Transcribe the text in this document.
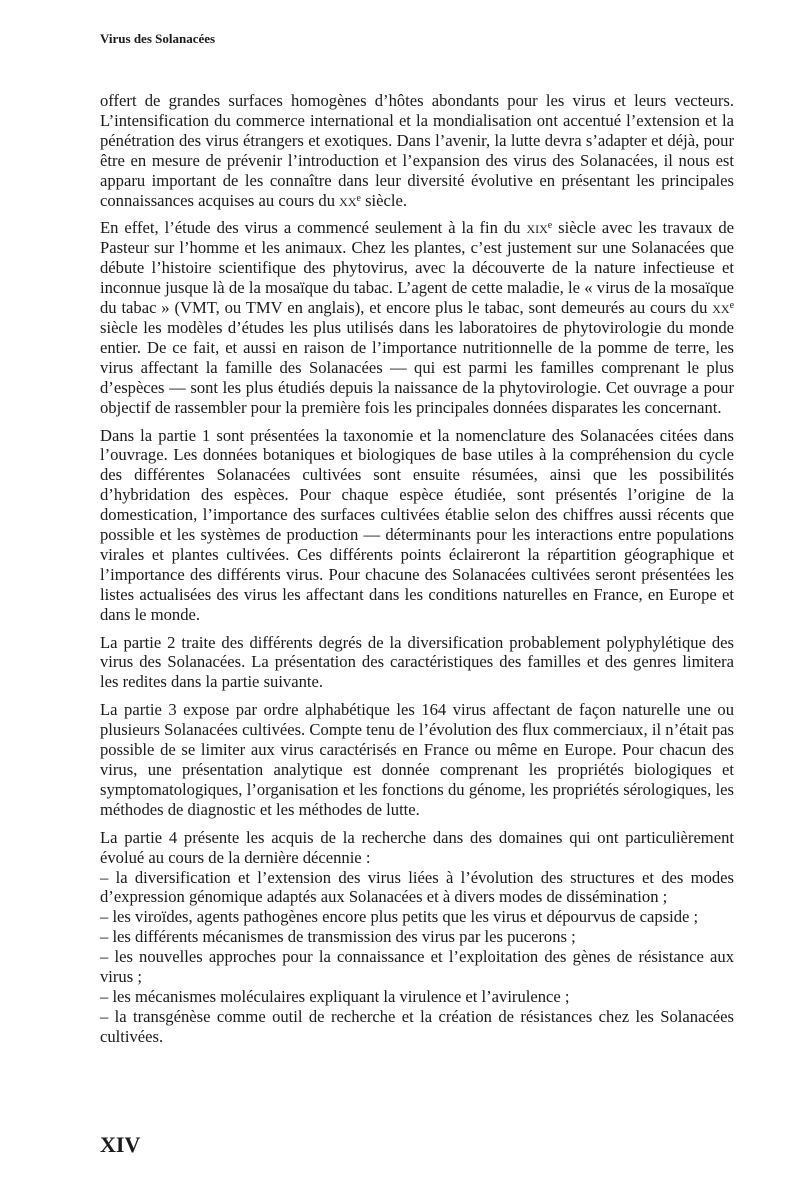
Virus des Solanacées

offert de grandes surfaces homogènes d’hôtes abondants pour les virus et leurs vecteurs. L’intensification du commerce international et la mondialisation ont accentué l’extension et la pénétration des virus étrangers et exotiques. Dans l’avenir, la lutte devra s’adapter et déjà, pour être en mesure de prévenir l’introduction et l’expansion des virus des Solanacées, il nous est apparu important de les connaître dans leur diversité évolutive en présentant les principales connaissances acquises au cours du $xx^e$ siècle.

En effet, l’étude des virus a commencé seulement à la fin du xix$^e$ siècle avec les travaux de Pasteur sur l’homme et les animaux. Chez les plantes, c’est justement sur une Solanacées que débute l’histoire scientifique des phytovirus, avec la découverte de la nature infectieuse et inconnue jusque là de la mosaïque du tabac. L’agent de cette maladie, le « virus de la mosaïque du tabac » (VMT, ou TMV en anglais), et encore plus le tabac, sont demeurés au cours du $xx^e$ siècle les modèles d’études les plus utilisés dans les laboratoires de phytovirologie du monde entier. De ce fait, et aussi en raison de l’importance nutritionnelle de la pomme de terre, les virus affectant la famille des Solanacées — qui est parmi les familles comprenant le plus d’espèces — sont les plus étudiés depuis la naissance de la phytovirologie. Cet ouvrage a pour objectif de rassembler pour la première fois les principales données disparates les concernant.

Dans la partie 1 sont présentées la taxonomie et la nomenclature des Solanacées citées dans l’ouvrage. Les données botaniques et biologiques de base utiles à la compréhension du cycle des différentes Solanacées cultivées sont ensuite résumées, ainsi que les possibilités d’hybridation des espèces. Pour chaque espèce étudiée, sont présentés l’origine de la domestication, l’importance des surfaces cultivées établie selon des chiffres aussi récents que possible et les systèmes de production — déterminants pour les interactions entre populations virales et plantes cultivées. Ces différents points éclaireront la répartition géographique et l’importance des différents virus. Pour chacune des Solanacées cultivées seront présentées les listes actualisées des virus les affectant dans les conditions naturelles en France, en Europe et dans le monde.

La partie 2 traite des différents degrés de la diversification probablement polyphylétique des virus des Solanacées. La présentation des caractéristiques des familles et des genres limitera les redites dans la partie suivante.

La partie 3 expose par ordre alphabétique les 164 virus affectant de façon naturelle une ou plusieurs Solanacées cultivées. Compte tenu de l’évolution des flux commerciaux, il n’était pas possible de se limiter aux virus caractérisés en France ou même en Europe. Pour chacun des virus, une présentation analytique est donnée comprenant les propriétés biologiques et symptomatologiques, l’organisation et les fonctions du génome, les propriétés sérologiques, les méthodes de diagnostic et les méthodes de lutte.

La partie 4 présente les acquis de la recherche dans des domaines qui ont particulièrement évolué au cours de la dernière décennie :
– la diversification et l’extension des virus liées à l’évolution des structures et des modes d’expression génomique adaptés aux Solanacées et à divers modes de dissémination ;
– les viroïdes, agents pathogènes encore plus petits que les virus et dépourvus de capside ;
– les différents mécanismes de transmission des virus par les pucerons ;
– les nouvelles approches pour la connaissance et l’exploitation des gènes de résistance aux virus ;
– les mécanismes moléculaires expliquant la virulence et l’avirulence ;
– la transgénèse comme outil de recherche et la création de résistances chez les Solanacées cultivées.

XIV
